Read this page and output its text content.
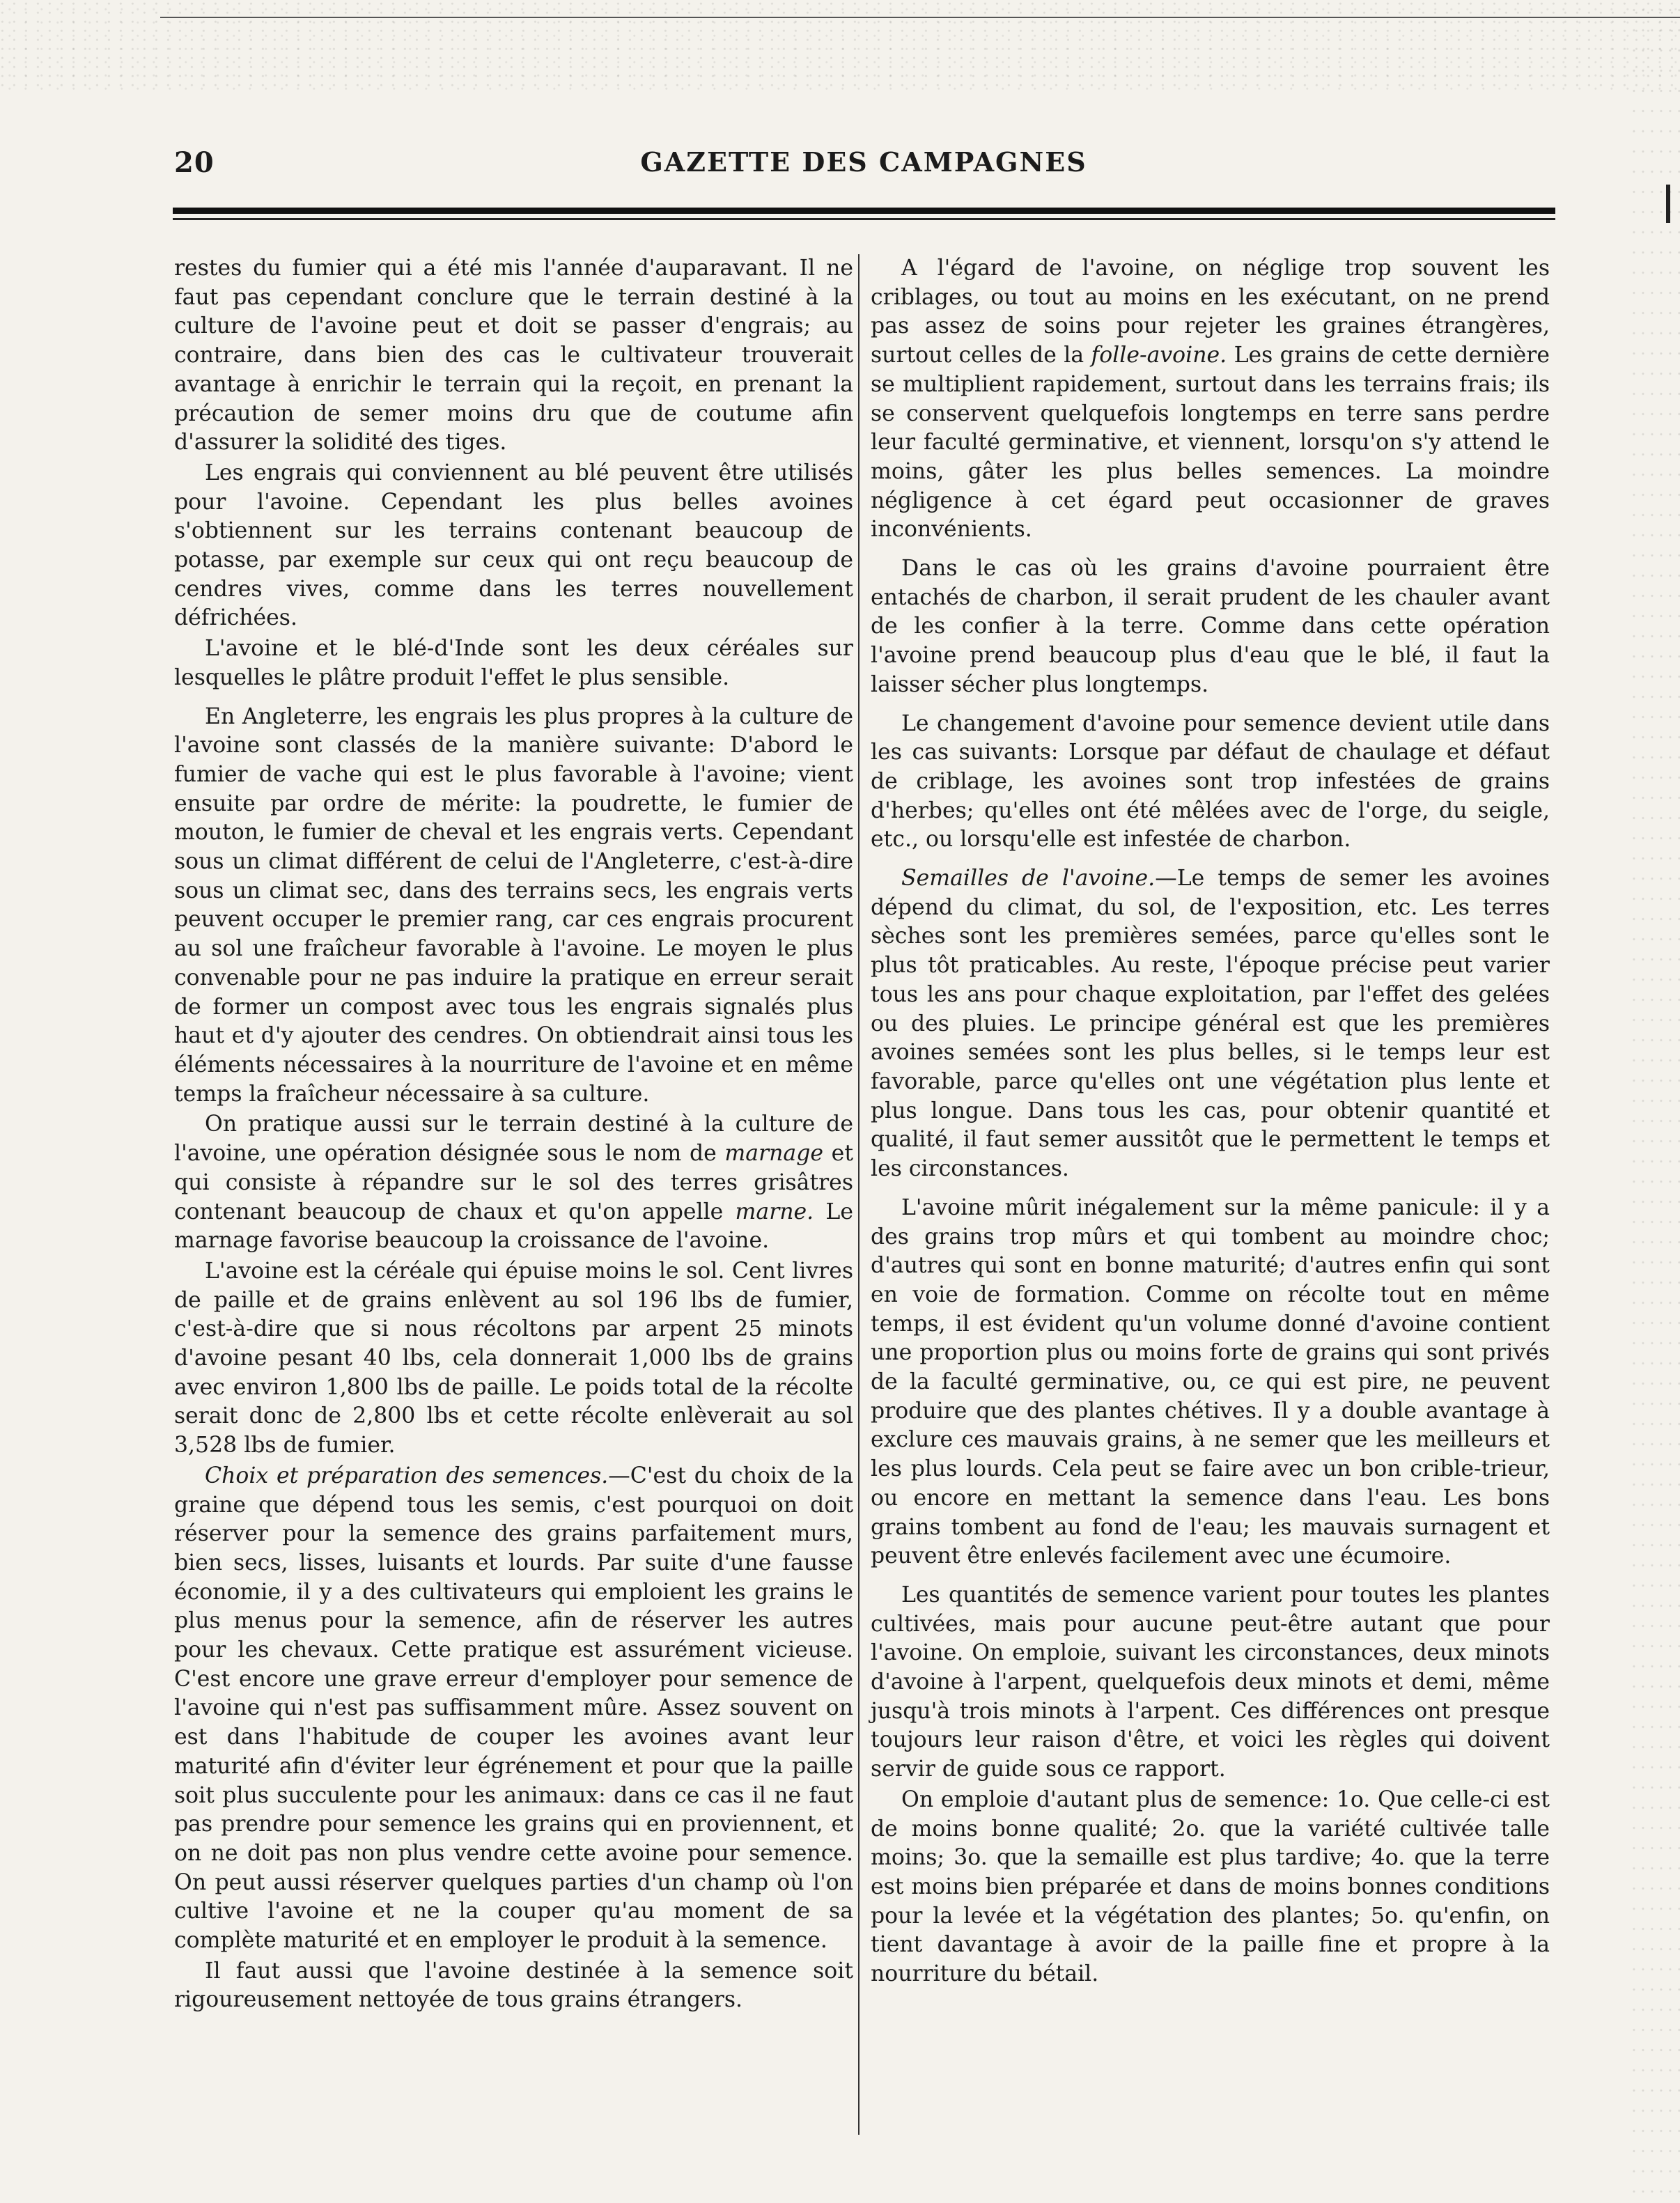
20	GAZETTE DES CAMPAGNES

restes du fumier qui a été mis l'année d'auparavant. Il ne faut pas cependant conclure que le terrain destiné à la culture de l'avoine peut et doit se passer d'engrais; au contraire, dans bien des cas le cultivateur trouverait avantage à enrichir le terrain qui la reçoit, en prenant la précaution de semer moins dru que de coutume afin d'assurer la solidité des tiges.

Les engrais qui conviennent au blé peuvent être utilisés pour l'avoine. Cependant les plus belles avoines s'obtiennent sur les terrains contenant beaucoup de potasse, par exemple sur ceux qui ont reçu beaucoup de cendres vives, comme dans les terres nouvellement défrichées.

L'avoine et le blé-d'Inde sont les deux céréales sur lesquelles le plâtre produit l'effet le plus sensible.

En Angleterre, les engrais les plus propres à la culture de l'avoine sont classés de la manière suivante: D'abord le fumier de vache qui est le plus favorable à l'avoine; vient ensuite par ordre de mérite: la poudrette, le fumier de mouton, le fumier de cheval et les engrais verts. Cependant sous un climat différent de celui de l'Angleterre, c'est-à-dire sous un climat sec, dans des terrains secs, les engrais verts peuvent occuper le premier rang, car ces engrais procurent au sol une fraîcheur favorable à l'avoine. Le moyen le plus convenable pour ne pas induire la pratique en erreur serait de former un compost avec tous les engrais signalés plus haut et d'y ajouter des cendres. On obtiendrait ainsi tous les éléments nécessaires à la nourriture de l'avoine et en même temps la fraîcheur nécessaire à sa culture.

On pratique aussi sur le terrain destiné à la culture de l'avoine, une opération désignée sous le nom de marnage et qui consiste à répandre sur le sol des terres grisâtres contenant beaucoup de chaux et qu'on appelle marne. Le marnage favorise beaucoup la croissance de l'avoine.

L'avoine est la céréale qui épuise moins le sol. Cent livres de paille et de grains enlèvent au sol 196 lbs de fumier, c'est-à-dire que si nous récoltons par arpent 25 minots d'avoine pesant 40 lbs, cela donnerait 1,000 lbs de grains avec environ 1,800 lbs de paille. Le poids total de la récolte serait donc de 2,800 lbs et cette récolte enlèverait au sol 3,528 lbs de fumier.

Choix et préparation des semences.—C'est du choix de la graine que dépend tous les semis, c'est pourquoi on doit réserver pour la semence des grains parfaitement murs, bien secs, lisses, luisants et lourds. Par suite d'une fausse économie, il y a des cultivateurs qui emploient les grains le plus menus pour la semence, afin de réserver les autres pour les chevaux. Cette pratique est assurément vicieuse. C'est encore une grave erreur d'employer pour semence de l'avoine qui n'est pas suffisamment mûre. Assez souvent on est dans l'habitude de couper les avoines avant leur maturité afin d'éviter leur égrénement et pour que la paille soit plus succulente pour les animaux: dans ce cas il ne faut pas prendre pour semence les grains qui en proviennent, et on ne doit pas non plus vendre cette avoine pour semence. On peut aussi réserver quelques parties d'un champ où l'on cultive l'avoine et ne la couper qu'au moment de sa complète maturité et en employer le produit à la semence.

Il faut aussi que l'avoine destinée à la semence soit rigoureusement nettoyée de tous grains étrangers.

A l'égard de l'avoine, on néglige trop souvent les criblages, ou tout au moins en les exécutant, on ne prend pas assez de soins pour rejeter les graines étrangères, surtout celles de la folle-avoine. Les grains de cette dernière se multiplient rapidement, surtout dans les terrains frais; ils se conservent quelquefois longtemps en terre sans perdre leur faculté germinative, et viennent, lorsqu'on s'y attend le moins, gâter les plus belles semences. La moindre négligence à cet égard peut occasionner de graves inconvénients.

Dans le cas où les grains d'avoine pourraient être entachés de charbon, il serait prudent de les chauler avant de les confier à la terre. Comme dans cette opération l'avoine prend beaucoup plus d'eau que le blé, il faut la laisser sécher plus longtemps.

Le changement d'avoine pour semence devient utile dans les cas suivants: Lorsque par défaut de chaulage et défaut de criblage, les avoines sont trop infestées de grains d'herbes; qu'elles ont été mêlées avec de l'orge, du seigle, etc., ou lorsqu'elle est infestée de charbon.

Semailles de l'avoine.—Le temps de semer les avoines dépend du climat, du sol, de l'exposition, etc. Les terres sèches sont les premières semées, parce qu'elles sont le plus tôt praticables. Au reste, l'époque précise peut varier tous les ans pour chaque exploitation, par l'effet des gelées ou des pluies. Le principe général est que les premières avoines semées sont les plus belles, si le temps leur est favorable, parce qu'elles ont une végétation plus lente et plus longue. Dans tous les cas, pour obtenir quantité et qualité, il faut semer aussitôt que le permettent le temps et les circonstances.

L'avoine mûrit inégalement sur la même panicule: il y a des grains trop mûrs et qui tombent au moindre choc; d'autres qui sont en bonne maturité; d'autres enfin qui sont en voie de formation. Comme on récolte tout en même temps, il est évident qu'un volume donné d'avoine contient une proportion plus ou moins forte de grains qui sont privés de la faculté germinative, ou, ce qui est pire, ne peuvent produire que des plantes chétives. Il y a double avantage à exclure ces mauvais grains, à ne semer que les meilleurs et les plus lourds. Cela peut se faire avec un bon crible-trieur, ou encore en mettant la semence dans l'eau. Les bons grains tombent au fond de l'eau; les mauvais surnagent et peuvent être enlevés facilement avec une écumoire.

Les quantités de semence varient pour toutes les plantes cultivées, mais pour aucune peut-être autant que pour l'avoine. On emploie, suivant les circonstances, deux minots d'avoine à l'arpent, quelquefois deux minots et demi, même jusqu'à trois minots à l'arpent. Ces différences ont presque toujours leur raison d'être, et voici les règles qui doivent servir de guide sous ce rapport.

On emploie d'autant plus de semence: 1o. Que celle-ci est de moins bonne qualité; 2o. que la variété cultivée talle moins; 3o. que la semaille est plus tardive; 4o. que la terre est moins bien préparée et dans de moins bonnes conditions pour la levée et la végétation des plantes; 5o. qu'enfin, on tient davantage à avoir de la paille fine et propre à la nourriture du bétail.
